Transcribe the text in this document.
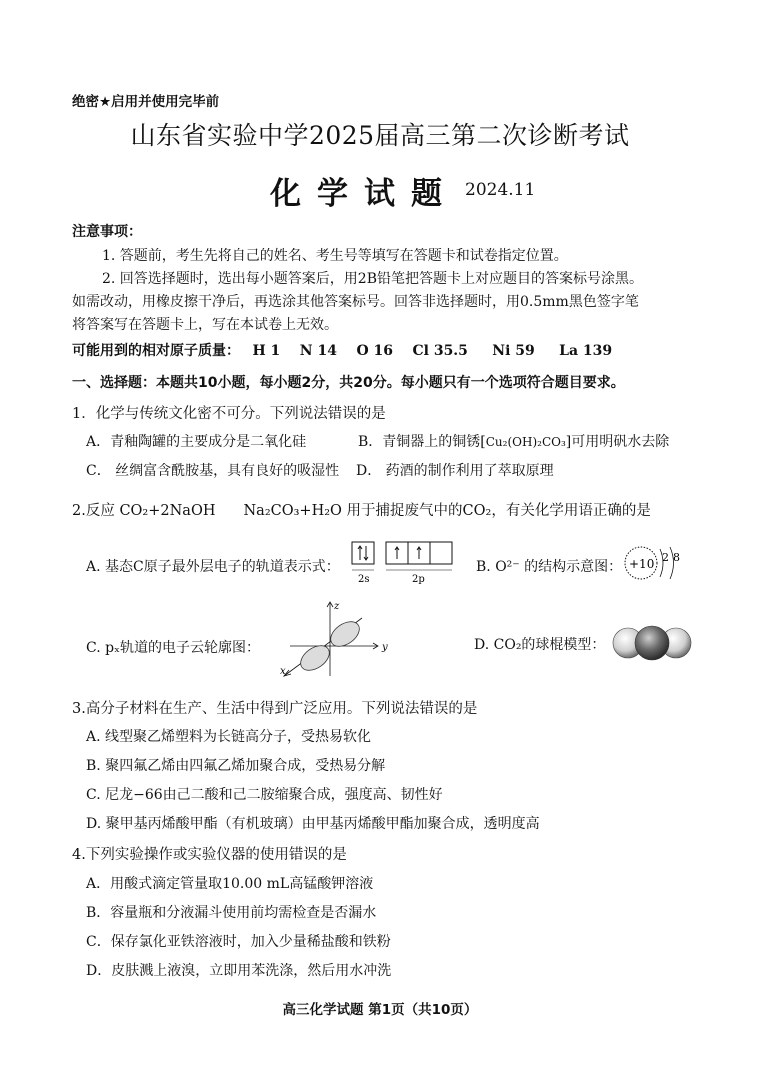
绝密★启用并使用完毕前
山东省实验中学2025届高三第二次诊断考试
化学试题 2024.11
注意事项：
1. 答题前，考生先将自己的姓名、考生号等填写在答题卡和试卷指定位置。
2. 回答选择题时，选出每小题答案后，用2B铅笔把答题卡上对应题目的答案标号涂黑。
如需改动，用橡皮擦干净后，再选涂其他答案标号。回答非选择题时，用0.5mm黑色签字笔
将答案写在答题卡上，写在本试卷上无效。
可能用到的相对原子质量： H 1    N 14    O 16    Cl 35.5     Ni 59     La 139
一、选择题：本题共10小题，每小题2分，共20分。每小题只有一个选项符合题目要求。
1．化学与传统文化密不可分。下列说法错误的是
A．青釉陶罐的主要成分是二氧化硅	B．青铜器上的铜锈[Cu₂(OH)₂CO₃]可用明矾水去除
C． 丝绸富含酰胺基，具有良好的吸湿性 D． 药酒的制作利用了萃取原理
2.反应 CO₂+2NaOH Na₂CO₃+H₂O 用于捕捉废气中的CO₂，有关化学用语正确的是
A. 基态C原子最外层电子的轨道表示式：
2s	2p
B. O²⁻ 的结构示意图： +10 2 8
C. pₓ轨道的电子云轮廓图：
z
y
x
D. CO₂的球棍模型：
3.高分子材料在生产、生活中得到广泛应用。下列说法错误的是
A. 线型聚乙烯塑料为长链高分子，受热易软化
B. 聚四氟乙烯由四氟乙烯加聚合成，受热易分解
C. 尼龙−66由己二酸和己二胺缩聚合成，强度高、韧性好
D. 聚甲基丙烯酸甲酯（有机玻璃）由甲基丙烯酸甲酯加聚合成，透明度高
4.下列实验操作或实验仪器的使用错误的是
A．用酸式滴定管量取10.00 mL高锰酸钾溶液
B．容量瓶和分液漏斗使用前均需检查是否漏水
C．保存氯化亚铁溶液时，加入少量稀盐酸和铁粉
D．皮肤溅上液溴，立即用苯洗涤，然后用水冲洗
高三化学试题 第1页（共10页）
